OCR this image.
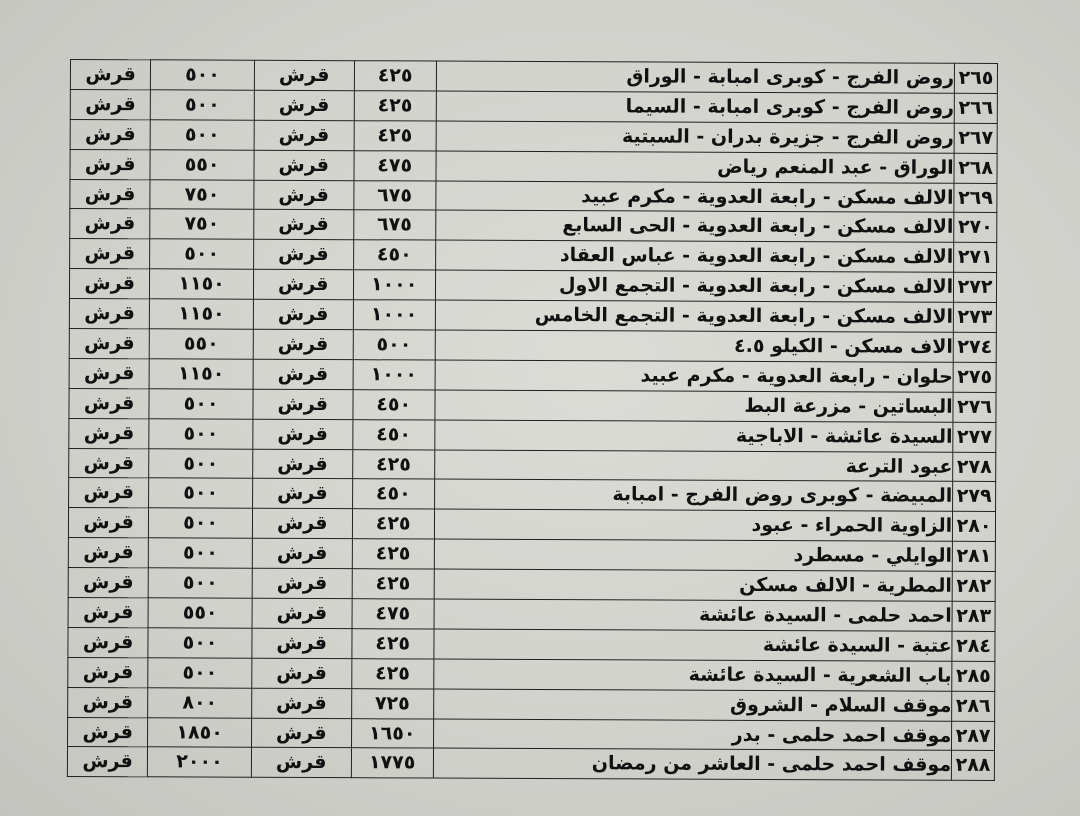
٢٦٥	روض الفرج - كوبرى امبابة - الوراق	٤٢٥	قرش	٥٠٠	قرش
٢٦٦	روض الفرج - كوبرى امبابة - السيما	٤٢٥	قرش	٥٠٠	قرش
٢٦٧	روض الفرج - جزيرة بدران - السبتية	٤٢٥	قرش	٥٠٠	قرش
٢٦٨	الوراق - عبد المنعم رياض	٤٧٥	قرش	٥٥٠	قرش
٢٦٩	الالف مسكن - رابعة العدوية - مكرم عبيد	٦٧٥	قرش	٧٥٠	قرش
٢٧٠	الالف مسكن - رابعة العدوية - الحى السابع	٦٧٥	قرش	٧٥٠	قرش
٢٧١	الالف مسكن - رابعة العدوية - عباس العقاد	٤٥٠	قرش	٥٠٠	قرش
٢٧٢	الالف مسكن - رابعة العدوية - التجمع الاول	١٠٠٠	قرش	١١٥٠	قرش
٢٧٣	الالف مسكن - رابعة العدوية - التجمع الخامس	١٠٠٠	قرش	١١٥٠	قرش
٢٧٤	الاف مسكن - الكيلو ٤.٥	٥٠٠	قرش	٥٥٠	قرش
٢٧٥	حلوان - رابعة العدوية - مكرم عبيد	١٠٠٠	قرش	١١٥٠	قرش
٢٧٦	البساتين - مزرعة البط	٤٥٠	قرش	٥٠٠	قرش
٢٧٧	السيدة عائشة - الاباجية	٤٥٠	قرش	٥٠٠	قرش
٢٧٨	عبود الترعة	٤٢٥	قرش	٥٠٠	قرش
٢٧٩	المبيضة - كوبرى روض الفرج - امبابة	٤٥٠	قرش	٥٠٠	قرش
٢٨٠	الزاوية الحمراء - عبود	٤٢٥	قرش	٥٠٠	قرش
٢٨١	الوايلي - مسطرد	٤٢٥	قرش	٥٠٠	قرش
٢٨٢	المطرية - الالف مسكن	٤٢٥	قرش	٥٠٠	قرش
٢٨٣	احمد حلمى - السيدة عائشة	٤٧٥	قرش	٥٥٠	قرش
٢٨٤	عتبة - السيدة عائشة	٤٢٥	قرش	٥٠٠	قرش
٢٨٥	باب الشعرية - السيدة عائشة	٤٢٥	قرش	٥٠٠	قرش
٢٨٦	موقف السلام - الشروق	٧٢٥	قرش	٨٠٠	قرش
٢٨٧	موقف احمد حلمى - بدر	١٦٥٠	قرش	١٨٥٠	قرش
٢٨٨	موقف احمد حلمى - العاشر من رمضان	١٧٧٥	قرش	٢٠٠٠	قرش
